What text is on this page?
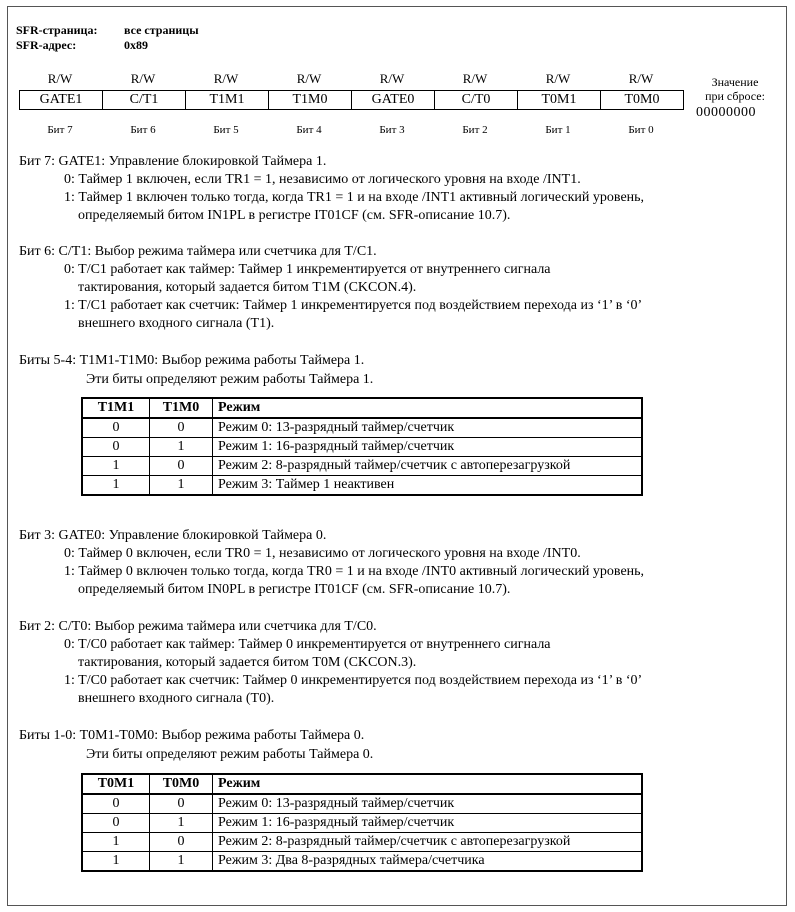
SFR-страница: все страницы
SFR-адрес:	0x89
R/W	R/W	R/W	R/W	R/W	R/W	R/W	R/W
GATE1	C/T1	T1M1	T1M0	GATE0	C/T0	T0M1	T0M0
Значение
при сбросе:
00000000
Бит 7	Бит 6	Бит 5	Бит 4	Бит 3	Бит 2	Бит 1	Бит 0
Бит 7: GATE1: Управление блокировкой Таймера 1.
0: Таймер 1 включен, если TR1 = 1, независимо от логического уровня на входе /INT1.
1: Таймер 1 включен только тогда, когда TR1 = 1 и на входе /INT1 активный логический уровень,
определяемый битом IN1PL в регистре IT01CF (см. SFR-описание 10.7).
Бит 6: C/T1: Выбор режима таймера или счетчика для T/C1.
0: T/C1 работает как таймер: Таймер 1 инкрементируется от внутреннего сигнала
тактирования, который задается битом T1M (CKCON.4).
1: T/C1 работает как счетчик: Таймер 1 инкрементируется под воздействием перехода из ‘1’ в ‘0’
внешнего входного сигнала (T1).
Биты 5-4: T1M1-T1M0: Выбор режима работы Таймера 1.
Эти биты определяют режим работы Таймера 1.
T1M1	T1M0	Режим
0	0	Режим 0: 13-разрядный таймер/счетчик
0	1	Режим 1: 16-разрядный таймер/счетчик
1	0	Режим 2: 8-разрядный таймер/счетчик с автоперезагрузкой
1	1	Режим 3: Таймер 1 неактивен
Бит 3: GATE0: Управление блокировкой Таймера 0.
0: Таймер 0 включен, если TR0 = 1, независимо от логического уровня на входе /INT0.
1: Таймер 0 включен только тогда, когда TR0 = 1 и на входе /INT0 активный логический уровень,
определяемый битом IN0PL в регистре IT01CF (см. SFR-описание 10.7).
Бит 2: C/T0: Выбор режима таймера или счетчика для T/C0.
0: T/C0 работает как таймер: Таймер 0 инкрементируется от внутреннего сигнала
тактирования, который задается битом T0M (CKCON.3).
1: T/C0 работает как счетчик: Таймер 0 инкрементируется под воздействием перехода из ‘1’ в ‘0’
внешнего входного сигнала (T0).
Биты 1-0: T0M1-T0M0: Выбор режима работы Таймера 0.
Эти биты определяют режим работы Таймера 0.
T0M1	T0M0	Режим
0	0	Режим 0: 13-разрядный таймер/счетчик
0	1	Режим 1: 16-разрядный таймер/счетчик
1	0	Режим 2: 8-разрядный таймер/счетчик с автоперезагрузкой
1	1	Режим 3: Два 8-разрядных таймера/счетчика
